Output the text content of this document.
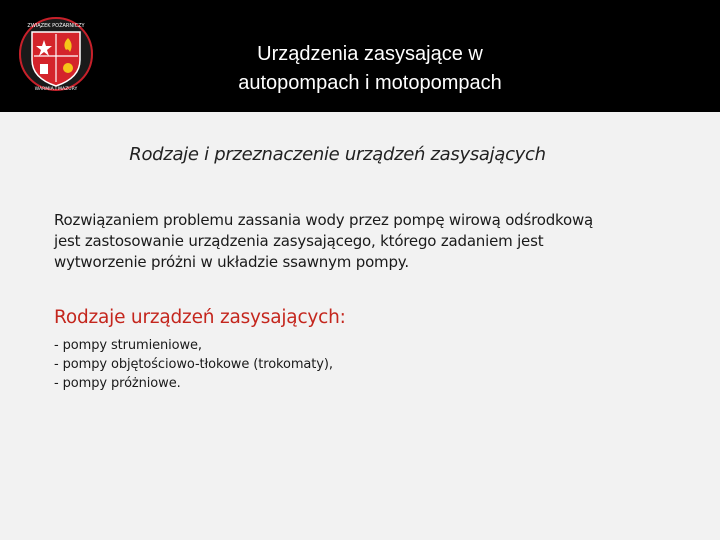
ZWIĄZEK POŻARNICZY
WARMIA I MAZURY
Urządzenia zasysające w
autopompach i motopompach
Rodzaje i przeznaczenie urządzeń zasysających
Rozwiązaniem problemu zassania wody przez pompę wirową odśrodkową
jest zastosowanie urządzenia zasysającego, którego zadaniem jest
wytworzenie próżni w układzie ssawnym pompy.
Rodzaje urządzeń zasysających:
- pompy strumieniowe,
- pompy objętościowo-tłokowe (trokomaty),
- pompy próżniowe.
